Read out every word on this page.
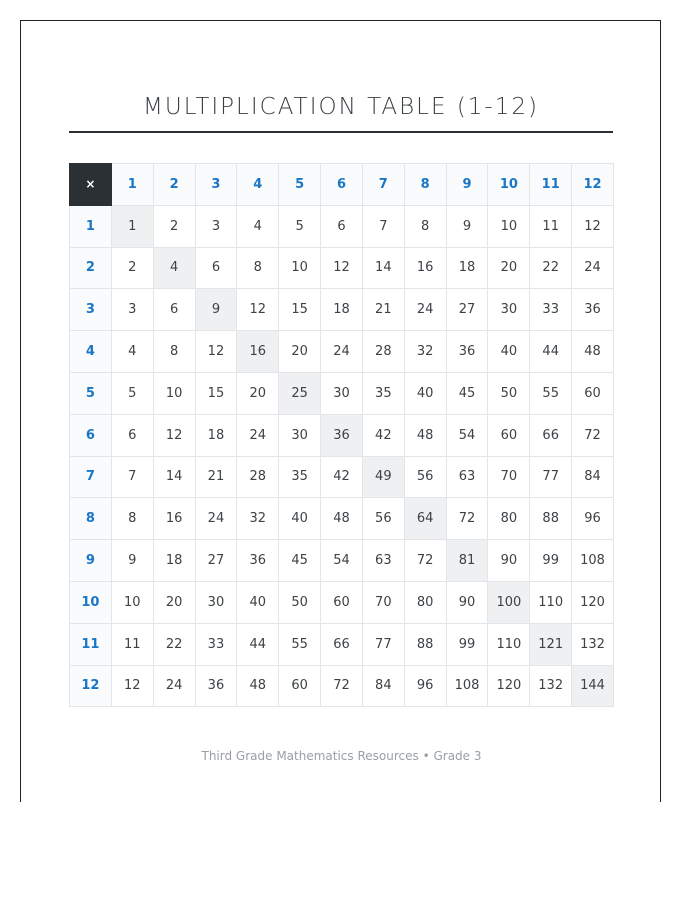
MULTIPLICATION TABLE (1-12)
×	1	2	3	4	5	6	7	8	9	10	11	12
1	1	2	3	4	5	6	7	8	9	10	11	12
2	2	4	6	8	10	12	14	16	18	20	22	24
3	3	6	9	12	15	18	21	24	27	30	33	36
4	4	8	12	16	20	24	28	32	36	40	44	48
5	5	10	15	20	25	30	35	40	45	50	55	60
6	6	12	18	24	30	36	42	48	54	60	66	72
7	7	14	21	28	35	42	49	56	63	70	77	84
8	8	16	24	32	40	48	56	64	72	80	88	96
9	9	18	27	36	45	54	63	72	81	90	99	108
10	10	20	30	40	50	60	70	80	90	100	110	120
11	11	22	33	44	55	66	77	88	99	110	121	132
12	12	24	36	48	60	72	84	96	108	120	132	144
Third Grade Mathematics Resources • Grade 3
